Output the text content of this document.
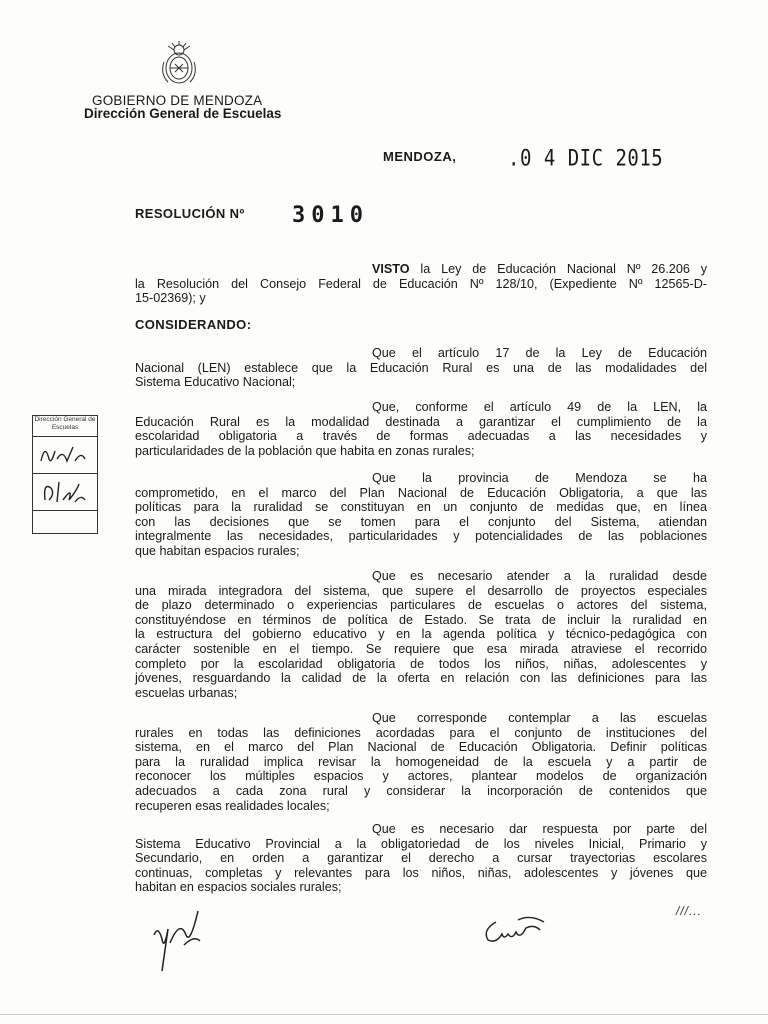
GOBIERNO DE MENDOZA
Dirección General de Escuelas
MENDOZA,	.0 4 DIC 2015
RESOLUCIÓN Nº 3010
VISTO la Ley de Educación Nacional Nº 26.206 y
la Resolución del Consejo Federal de Educación Nº 128/10, (Expediente Nº 12565-D-
15-02369); y
CONSIDERANDO:
Que el artículo 17 de la Ley de Educación
Nacional (LEN) establece que la Educación Rural es una de las modalidades del
Sistema Educativo Nacional;
Que, conforme el artículo 49 de la LEN, la
Educación Rural es la modalidad destinada a garantizar el cumplimiento de la
escolaridad obligatoria a través de formas adecuadas a las necesidades y
particularidades de la población que habita en zonas rurales;
Que la provincia de Mendoza se ha
comprometido, en el marco del Plan Nacional de Educación Obligatoria, a que las
políticas para la ruralidad se constituyan en un conjunto de medidas que, en línea
con las decisiones que se tomen para el conjunto del Sistema, atiendan
integralmente las necesidades, particularidades y potencialidades de las poblaciones
que habitan espacios rurales;
Que es necesario atender a la ruralidad desde
una mirada integradora del sistema, que supere el desarrollo de proyectos especiales
de plazo determinado o experiencias particulares de escuelas o actores del sistema,
constituyéndose en términos de política de Estado. Se trata de incluir la ruralidad en
la estructura del gobierno educativo y en la agenda política y técnico-pedagógica con
carácter sostenible en el tiempo. Se requiere que esa mirada atraviese el recorrido
completo por la escolaridad obligatoria de todos los niños, niñas, adolescentes y
jóvenes, resguardando la calidad de la oferta en relación con las definiciones para las
escuelas urbanas;
Que corresponde contemplar a las escuelas
rurales en todas las definiciones acordadas para el conjunto de instituciones del
sistema, en el marco del Plan Nacional de Educación Obligatoria. Definir políticas
para la ruralidad implica revisar la homogeneidad de la escuela y a partir de
reconocer los múltiples espacios y actores, plantear modelos de organización
adecuados a cada zona rural y considerar la incorporación de contenidos que
recuperen esas realidades locales;
Que es necesario dar respuesta por parte del
Sistema Educativo Provincial a la obligatoriedad de los niveles Inicial, Primario y
Secundario, en orden a garantizar el derecho a cursar trayectorias escolares
continuas, completas y relevantes para los niños, niñas, adolescentes y jóvenes que
habitan en espacios sociales rurales;
Dirección General de Escuelas
///...
